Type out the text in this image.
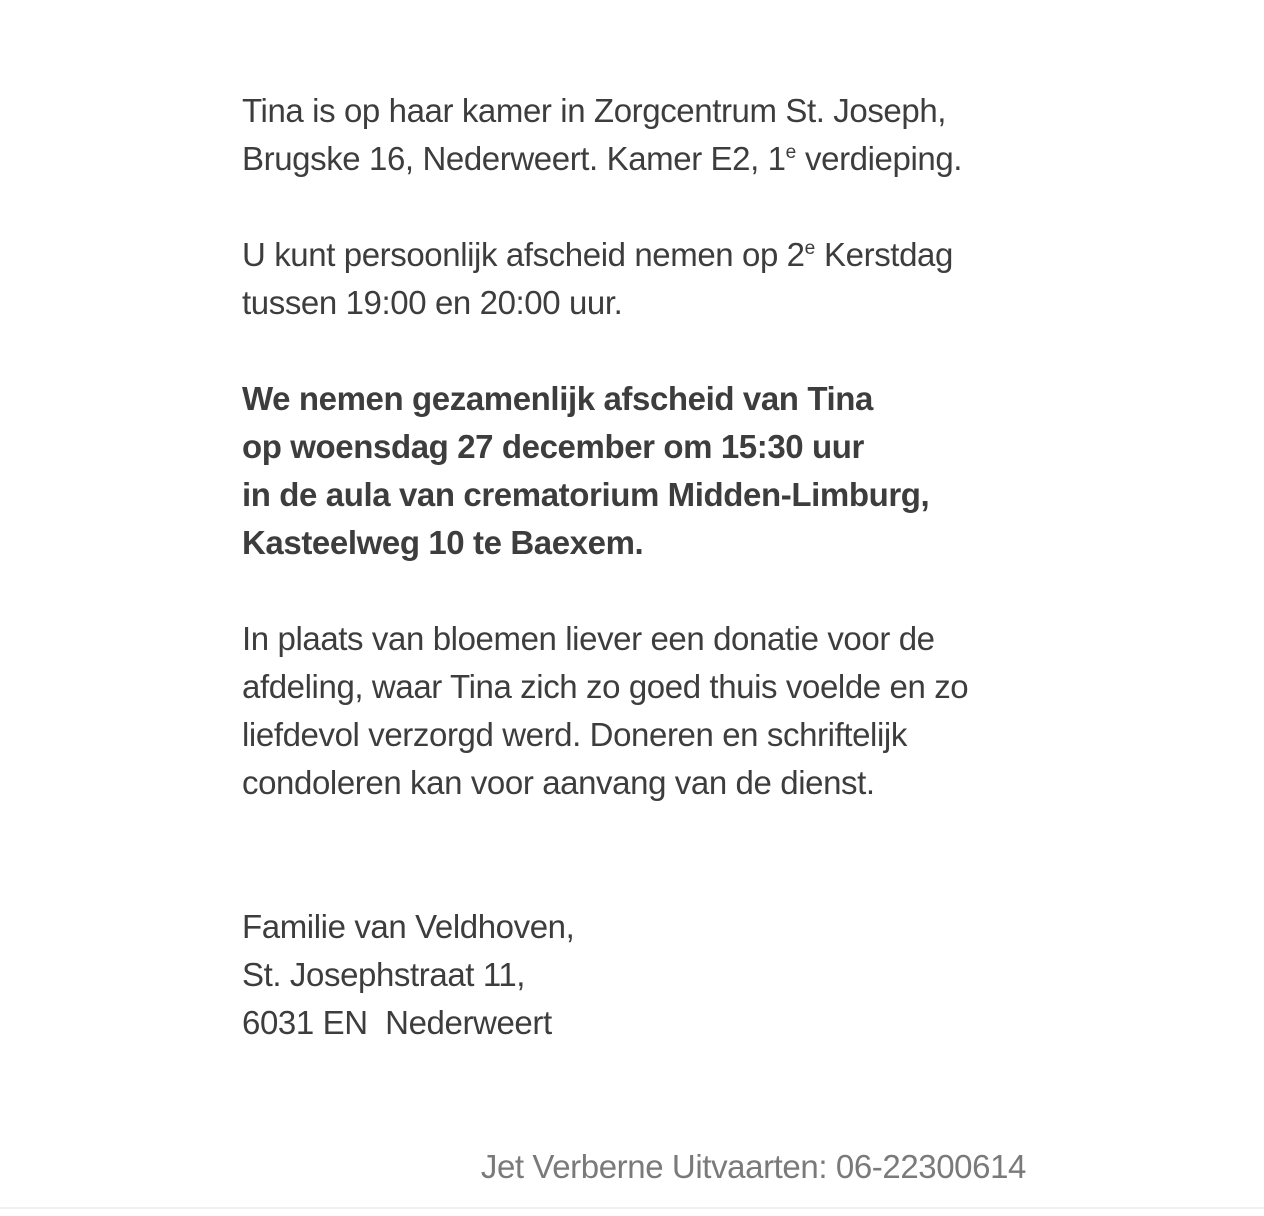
Tina is op haar kamer in Zorgcentrum St. Joseph,
Brugske 16, Nederweert. Kamer E2, 1e verdieping.
U kunt persoonlijk afscheid nemen op 2e Kerstdag
tussen 19:00 en 20:00 uur.
We nemen gezamenlijk afscheid van Tina
op woensdag 27 december om 15:30 uur
in de aula van crematorium Midden-Limburg,
Kasteelweg 10 te Baexem.
In plaats van bloemen liever een donatie voor de
afdeling, waar Tina zich zo goed thuis voelde en zo
liefdevol verzorgd werd. Doneren en schriftelijk
condoleren kan voor aanvang van de dienst.
Familie van Veldhoven,
St. Josephstraat 11,
6031 EN  Nederweert
Jet Verberne Uitvaarten: 06-22300614
